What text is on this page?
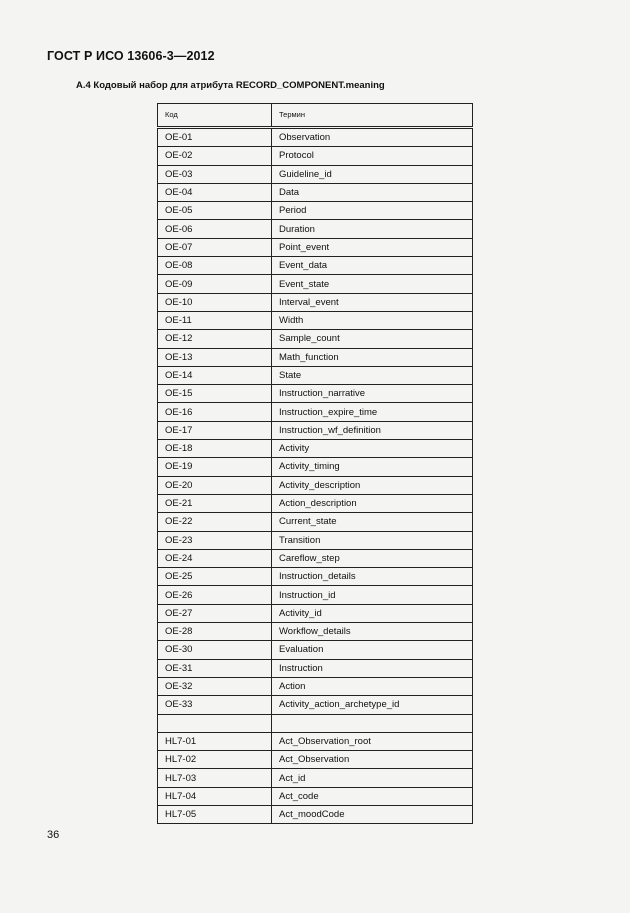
ГОСТ Р ИСО 13606-3—2012
А.4 Кодовый набор для атрибута RECORD_COMPONENT.meaning
Код	Термин
OE-01	Observation
OE-02	Protocol
OE-03	Guideline_id
OE-04	Data
OE-05	Period
OE-06	Duration
OE-07	Point_event
OE-08	Event_data
OE-09	Event_state
OE-10	Interval_event
OE-11	Width
OE-12	Sample_count
OE-13	Math_function
OE-14	State
OE-15	Instruction_narrative
OE-16	Instruction_expire_time
OE-17	Instruction_wf_definition
OE-18	Activity
OE-19	Activity_timing
OE-20	Activity_description
OE-21	Action_description
OE-22	Current_state
OE-23	Transition
OE-24	Careflow_step
OE-25	Instruction_details
OE-26	Instruction_id
OE-27	Activity_id
OE-28	Workflow_details
OE-30	Evaluation
OE-31	Instruction
OE-32	Action
OE-33	Activity_action_archetype_id

HL7-01	Act_Observation_root
HL7-02	Act_Observation
HL7-03	Act_id
HL7-04	Act_code
HL7-05	Act_moodCode
36
